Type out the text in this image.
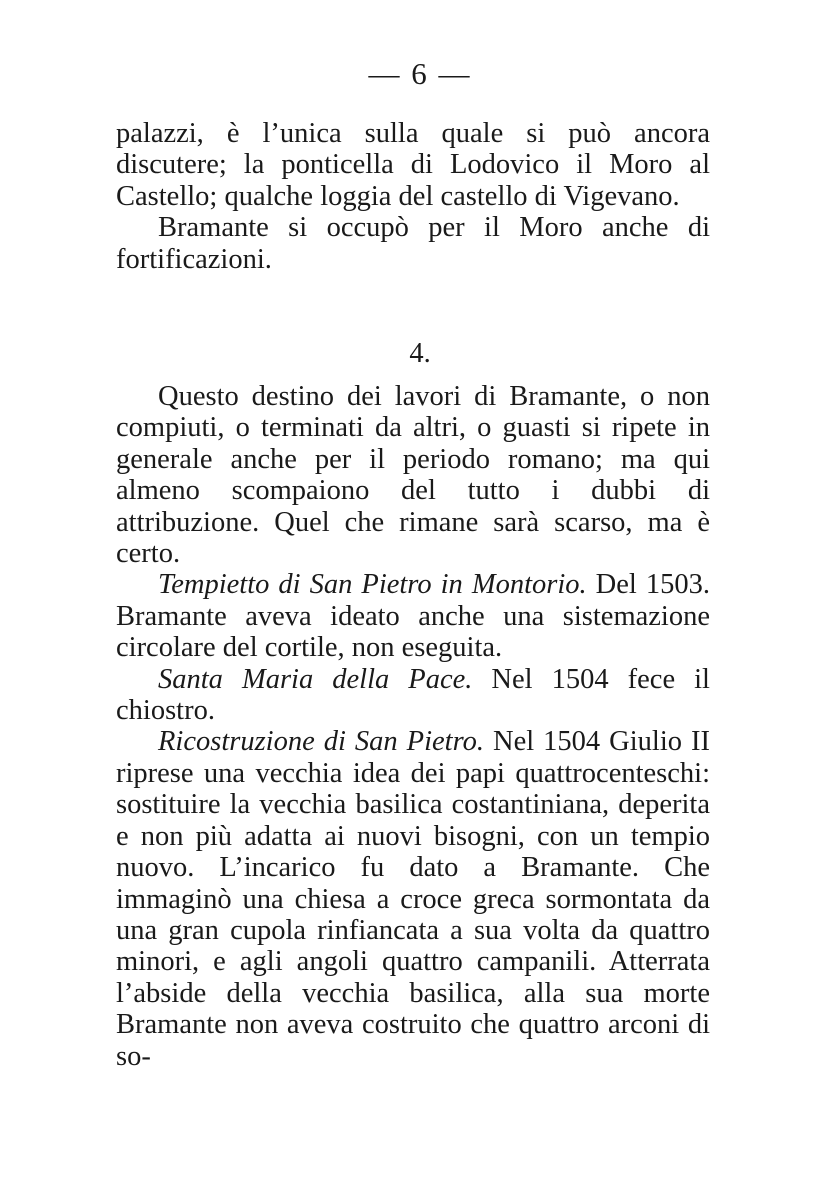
— 6 —

palazzi, è l’unica sulla quale si può ancora discutere; la ponticella di Lodovico il Moro al Castello; qualche loggia del castello di Vigevano.

Bramante si occupò per il Moro anche di fortificazioni.

4.

Questo destino dei lavori di Bramante, o non compiuti, o terminati da altri, o guasti si ripete in generale anche per il periodo romano; ma qui almeno scompaiono del tutto i dubbi di attribuzione. Quel che rimane sarà scarso, ma è certo.

Tempietto di San Pietro in Montorio. Del 1503. Bramante aveva ideato anche una sistemazione circolare del cortile, non eseguita.

Santa Maria della Pace. Nel 1504 fece il chiostro.

Ricostruzione di San Pietro. Nel 1504 Giulio II riprese una vecchia idea dei papi quattrocenteschi: sostituire la vecchia basilica costantiniana, deperita e non più adatta ai nuovi bisogni, con un tempio nuovo. L’incarico fu dato a Bramante. Che immaginò una chiesa a croce greca sormontata da una gran cupola rinfiancata a sua volta da quattro minori, e agli angoli quattro campanili. Atterrata l’abside della vecchia basilica, alla sua morte Bramante non aveva costruito che quattro arconi di so-
